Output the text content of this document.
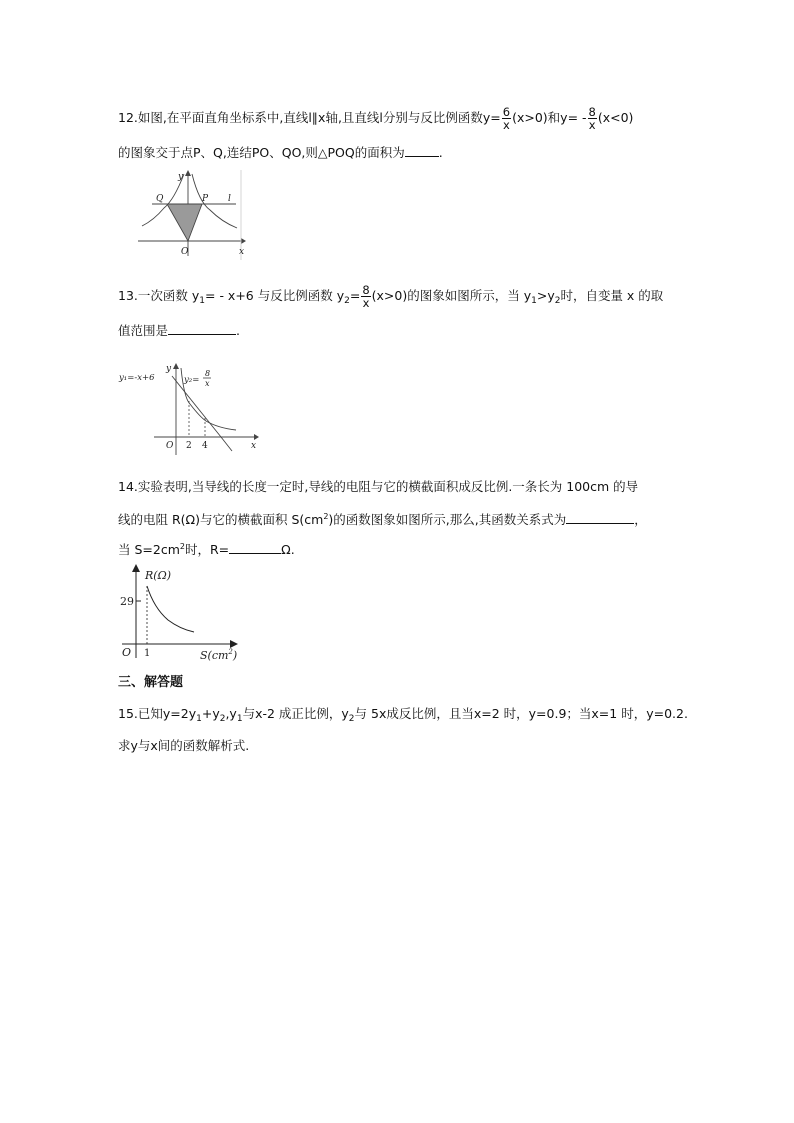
12.如图,在平面直角坐标系中,直线l∥x轴,且直线l分别与反比例函数$y= \frac{6}{x} (x>0)$和$y= - \frac{8}{x} (x<0)$
的图象交于点P、Q,连结PO、QO,则△POQ的面积为	.
y
Q	P l
O	x
13.一次函数 $y_1= - x+6$ 与反比例函数 $y_2= \frac{8}{x} (x>0)$的图象如图所示，当 $y_1>y_2$时，自变量 x 的取
值范围是	.
y₁=-x+6	y₂=
8
x
y
O 2 4	x
14.实验表明,当导线的长度一定时,导线的电阻与它的横截面积成反比例.一条长为 100cm 的导
线的电阻 R(Ω)与它的横截面积 $S(cm^2)$的函数图象如图所示,那么,其函数关系式为	，
当 $S=2cm^2$时，R=	Ω.
R(Ω)
29
O 1	$S(cm^2)$
三、解答题
15.已知$y=2y_1+y_2,y_1$与x-2 成正比例，$y_2$与 5x成反比例，且当x=2 时，y=0.9；当x=1 时，y=0.2.
求y与x间的函数解析式.
